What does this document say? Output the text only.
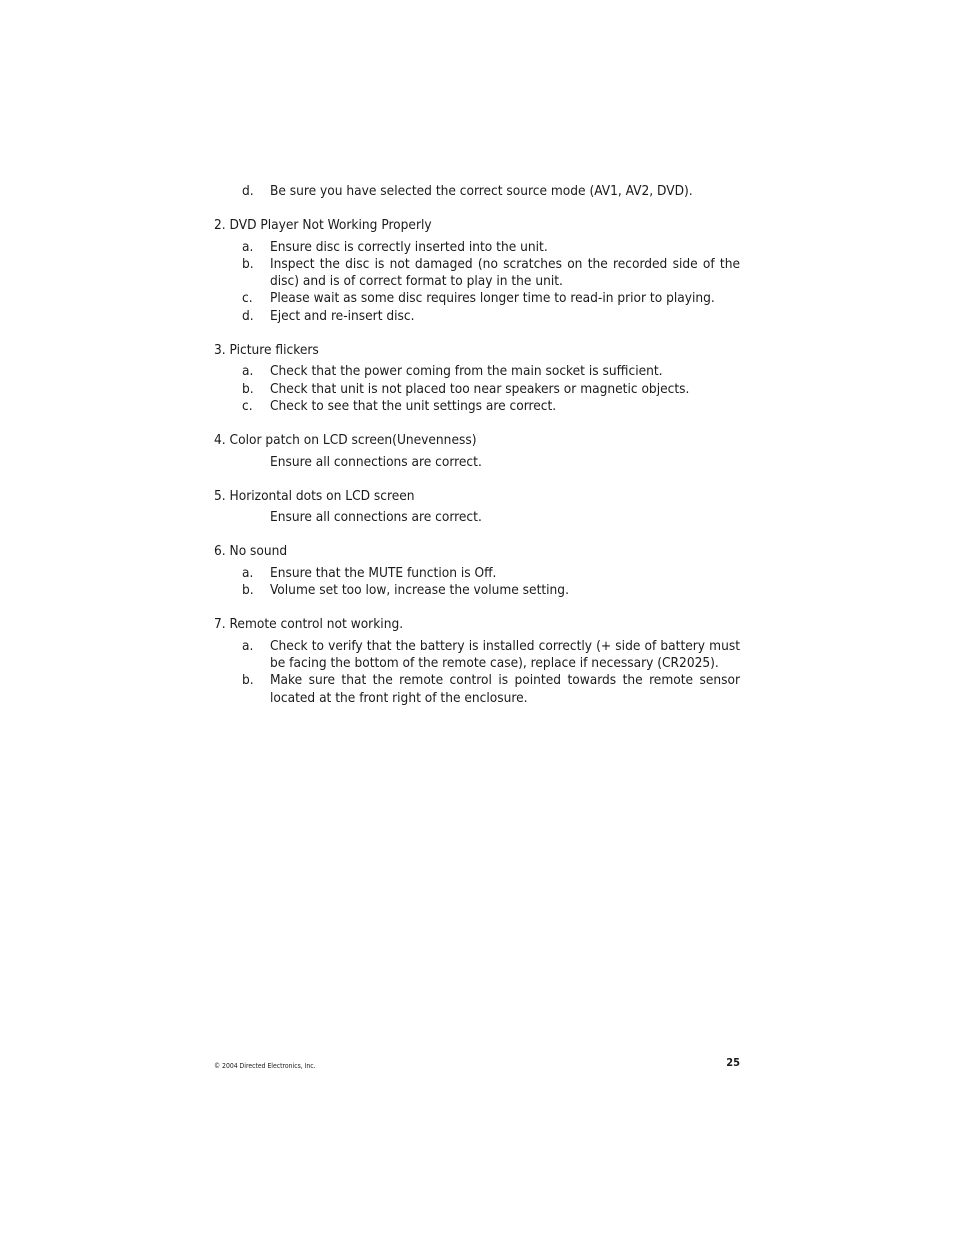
d.	Be sure you have selected the correct source mode (AV1, AV2, DVD).
2. DVD Player Not Working Properly
a.	Ensure disc is correctly inserted into the unit.
b.	Inspect the disc is not damaged (no scratches on the recorded side of the disc) and is of correct format to play in the unit.
c.	Please wait as some disc requires longer time to read-in prior to playing.
d.	Eject and re-insert disc.
3. Picture flickers
a.	Check that the power coming from the main socket is sufficient.
b.	Check that unit is not placed too near speakers or magnetic objects.
c.	Check to see that the unit settings are correct.
4. Color patch on LCD screen(Unevenness)
Ensure all connections are correct.
5. Horizontal dots on LCD screen
Ensure all connections are correct.
6. No sound
a.	Ensure that the MUTE function is Off.
b.	Volume set too low, increase the volume setting.
7. Remote control not working.
a.	Check to verify that the battery is installed correctly (+ side of battery must be facing the bottom of the remote case), replace if necessary (CR2025).
b.	Make sure that the remote control is pointed towards the remote sensor located at the front right of the enclosure.
© 2004 Directed Electronics, Inc.	25
